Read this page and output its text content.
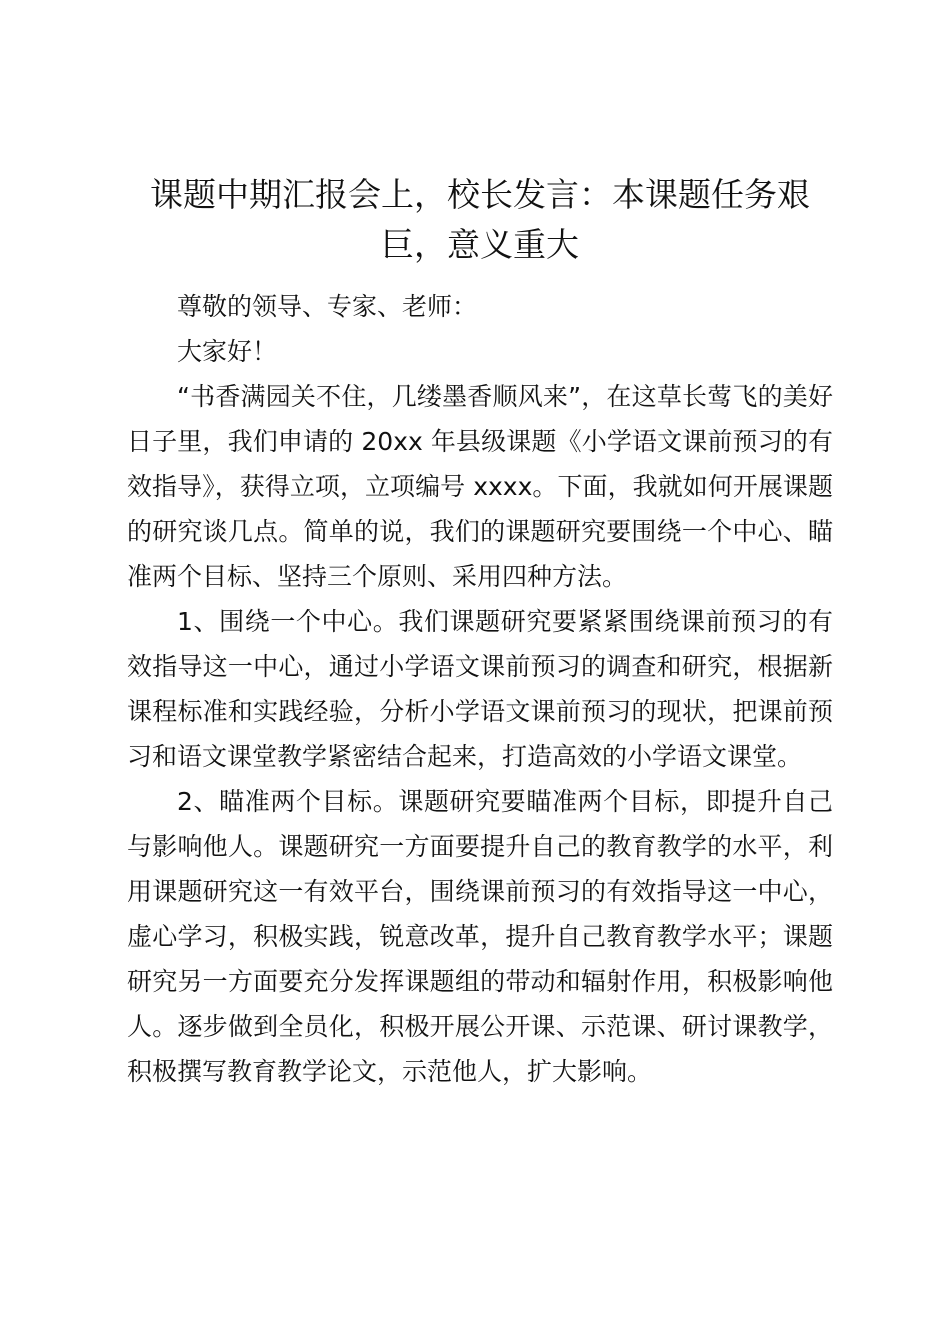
课题中期汇报会上，校长发言：本课题任务艰巨，意义重大

尊敬的领导、专家、老师：

大家好！

“书香满园关不住，几缕墨香顺风来”，在这草长莺飞的美好日子里，我们申请的 20xx 年县级课题《小学语文课前预习的有效指导》，获得立项，立项编号 xxxx。下面，我就如何开展课题的研究谈几点。简单的说，我们的课题研究要围绕一个中心、瞄准两个目标、坚持三个原则、采用四种方法。

1、围绕一个中心。我们课题研究要紧紧围绕课前预习的有效指导这一中心，通过小学语文课前预习的调查和研究，根据新课程标准和实践经验，分析小学语文课前预习的现状，把课前预习和语文课堂教学紧密结合起来，打造高效的小学语文课堂。

2、瞄准两个目标。课题研究要瞄准两个目标，即提升自己与影响他人。课题研究一方面要提升自己的教育教学的水平，利用课题研究这一有效平台，围绕课前预习的有效指导这一中心，虚心学习，积极实践，锐意改革，提升自己教育教学水平；课题研究另一方面要充分发挥课题组的带动和辐射作用，积极影响他人。逐步做到全员化，积极开展公开课、示范课、研讨课教学，积极撰写教育教学论文，示范他人，扩大影响。
